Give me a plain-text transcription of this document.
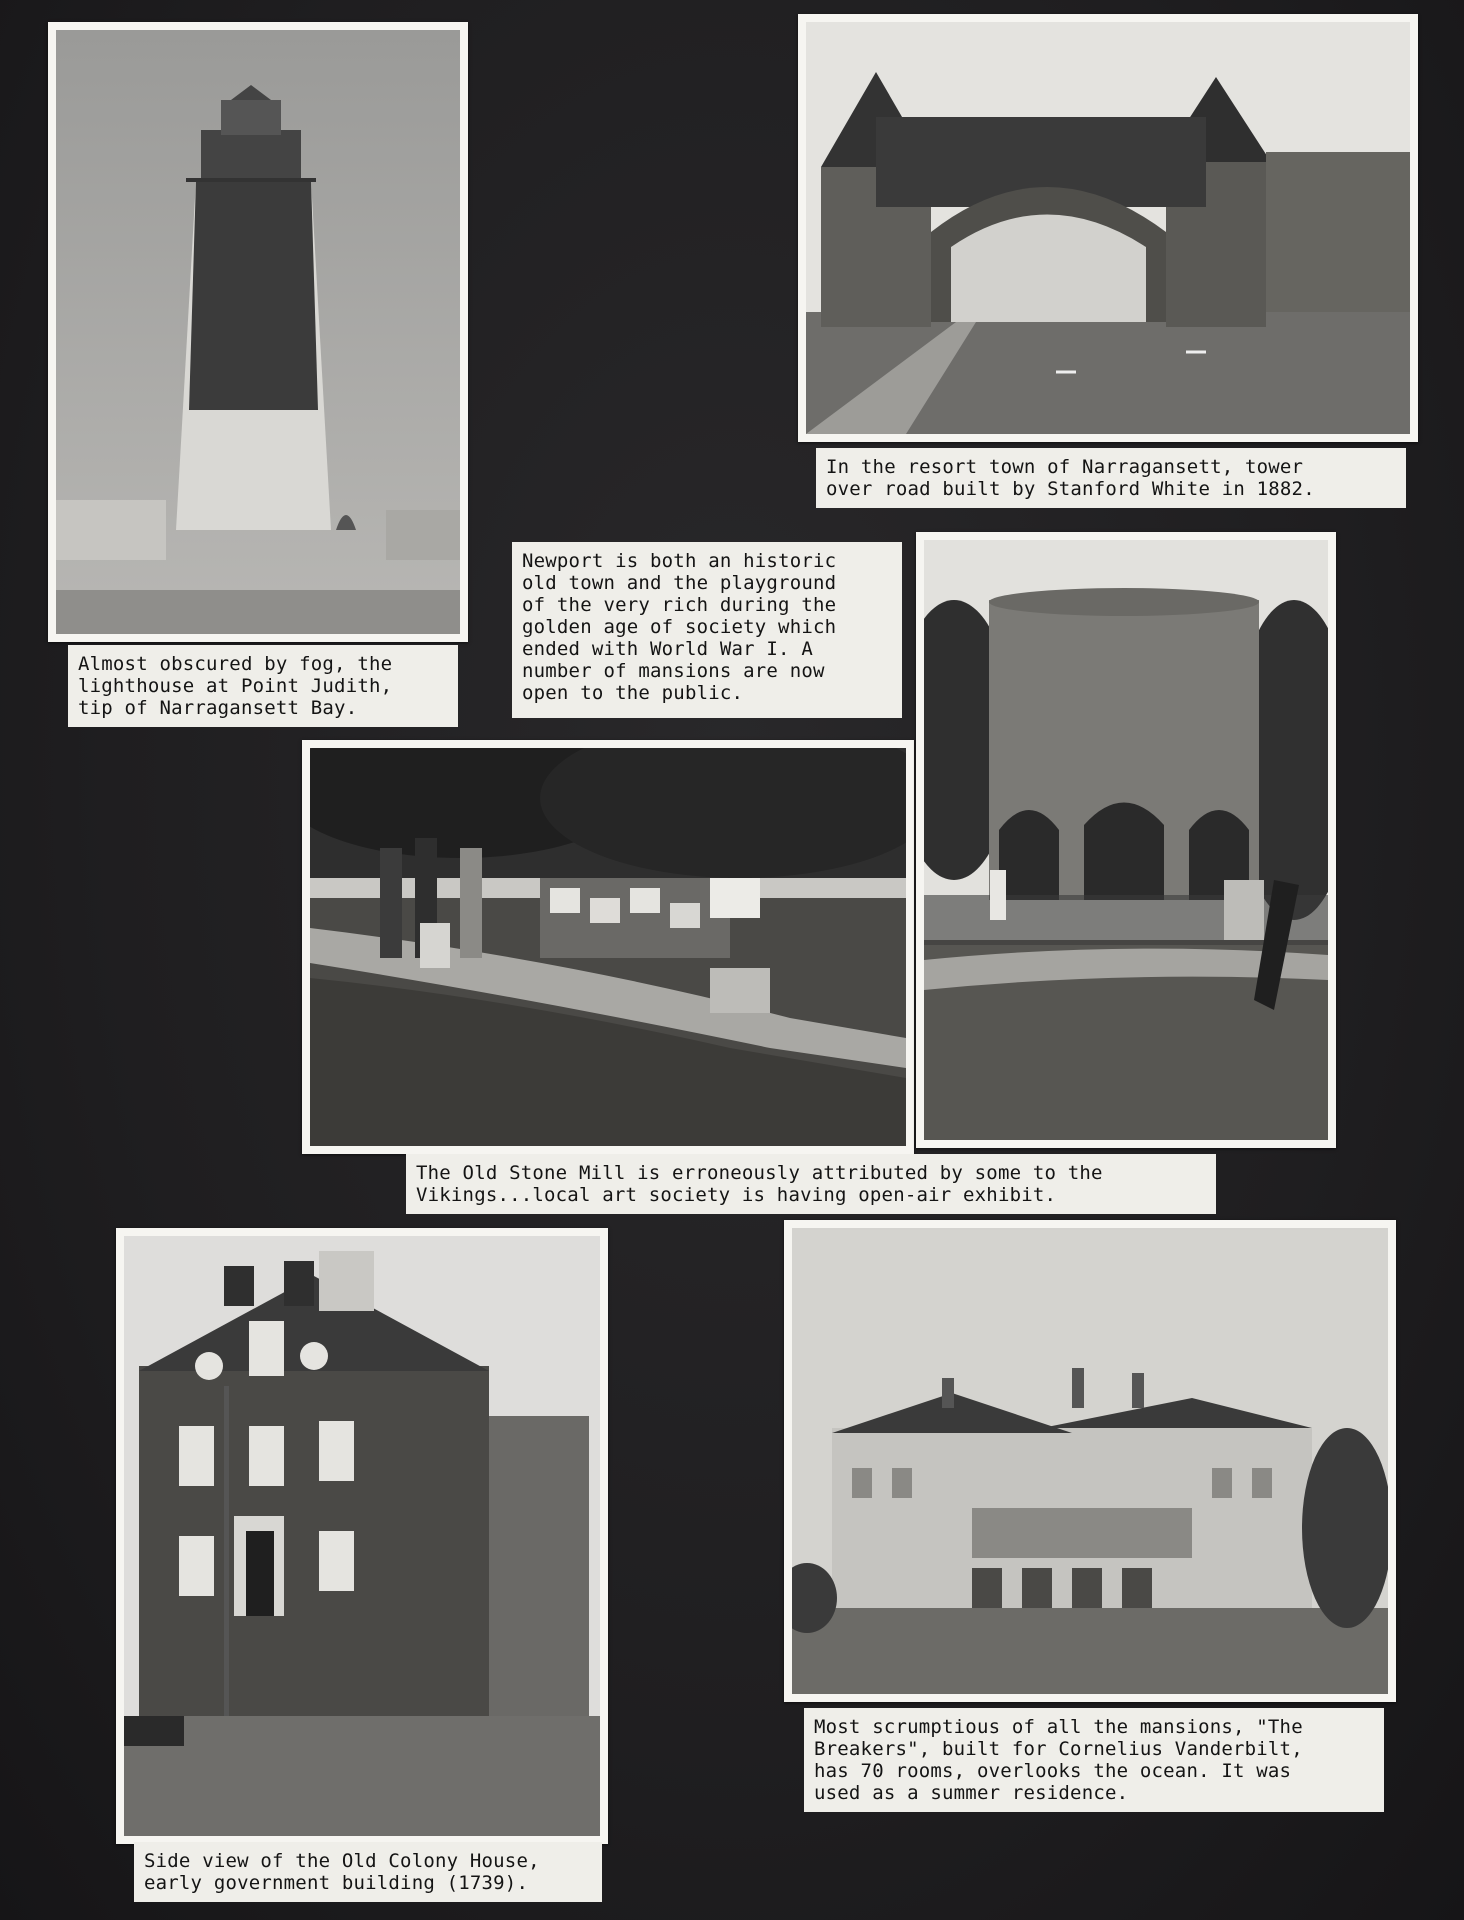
Almost obscured by fog, the
lighthouse at Point Judith,
tip of Narragansett Bay.
In the resort town of Narragansett, tower
over road built by Stanford White in 1882.
Newport is both an historic
old town and the playground
of the very rich during the
golden age of society which
ended with World War I. A
number of mansions are now
open to the public.
The Old Stone Mill is erroneously attributed by some to the
Vikings...local art society is having open-air exhibit.
Side view of the Old Colony House,
early government building (1739).
Most scrumptious of all the mansions, "The
Breakers", built for Cornelius Vanderbilt,
has 70 rooms, overlooks the ocean. It was
used as a summer residence.
